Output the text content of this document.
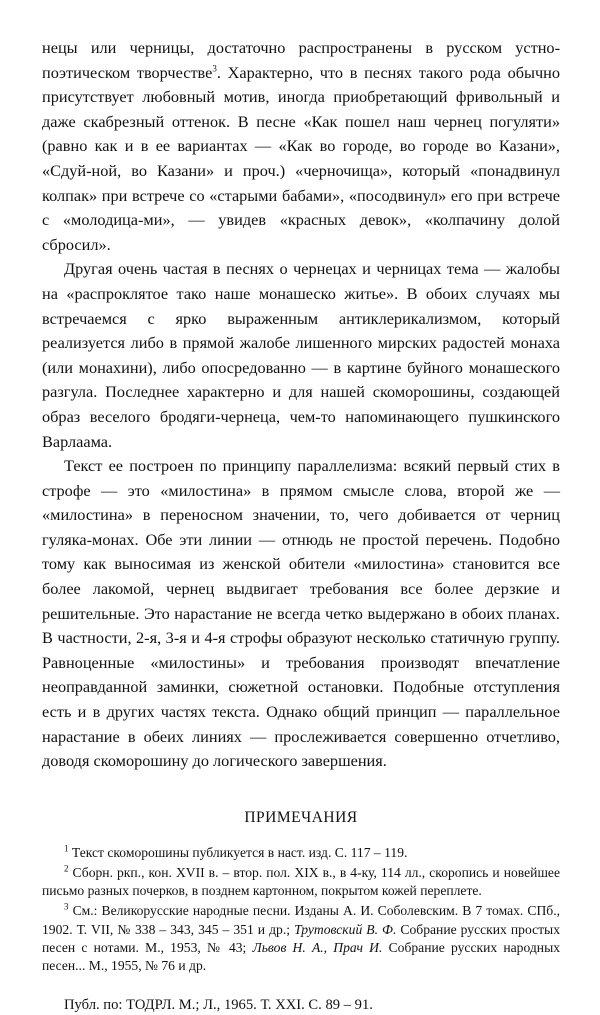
нецы или черницы, достаточно распространены в русском устно-поэтическом творчестве$^3$. Характерно, что в песнях такого рода обычно присутствует любовный мотив, иногда приобретающий фривольный и даже скабрезный оттенок. В песне «Как пошел наш чернец погуляти» (равно как и в ее вариантах — «Как во городе, во городе во Казани», «Сдуй-ной, во Казани» и проч.) «черночища», который «понадвинул колпак» при встрече со «старыми бабами», «посодвинул» его при встрече с «молодица-ми», — увидев «красных девок», «колпачину долой сбросил».

Другая очень частая в песнях о чернецах и черницах тема — жалобы на «распроклятое тако наше монашеско житье». В обоих случаях мы встречаемся с ярко выраженным антиклерикализмом, который реализуется либо в прямой жалобе лишенного мирских радостей монаха (или монахини), либо опосредованно — в картине буйного монашеского разгула. Последнее характерно и для нашей скоморошины, создающей образ веселого бродяги-чернеца, чем-то напоминающего пушкинского Варлаама.

Текст ее построен по принципу параллелизма: всякий первый стих в строфе — это «милостина» в прямом смысле слова, второй же — «милостина» в переносном значении, то, чего добивается от черниц гуляка-монах. Обе эти линии — отнюдь не простой перечень. Подобно тому как выносимая из женской обители «милостина» становится все более лакомой, чернец выдвигает требования все более дерзкие и решительные. Это нарастание не всегда четко выдержано в обоих планах. В частности, 2-я, 3-я и 4-я строфы образуют несколько статичную группу. Равноценные «милостины» и требования производят впечатление неоправданной заминки, сюжетной остановки. Подобные отступления есть и в других частях текста. Однако общий принцип — параллельное нарастание в обеих линиях — прослеживается совершенно отчетливо, доводя скоморошину до логического завершения.

ПРИМЕЧАНИЯ

$^1$ Текст скоморошины публикуется в наст. изд. С. 117 – 119.

$^2$ Сборн. ркп., кон. XVII в. – втор. пол. XIX в., в 4-ку, 114 лл., скоропись и новейшее письмо разных почерков, в позднем картонном, покрытом кожей переплете.

$^3$ См.: Великорусские народные песни. Изданы А. И. Соболевским. В 7 томах. СПб., 1902. Т. VII, № 338 – 343, 345 – 351 и др.; Трутовский В. Ф. Собрание русских простых песен с нотами. М., 1953, № 43; Львов Н. А., Прач И. Собрание русских народных песен... М., 1955, № 76 и др.

Публ. по: ТОДРЛ. М.; Л., 1965. Т. XXI. С. 89 – 91.
